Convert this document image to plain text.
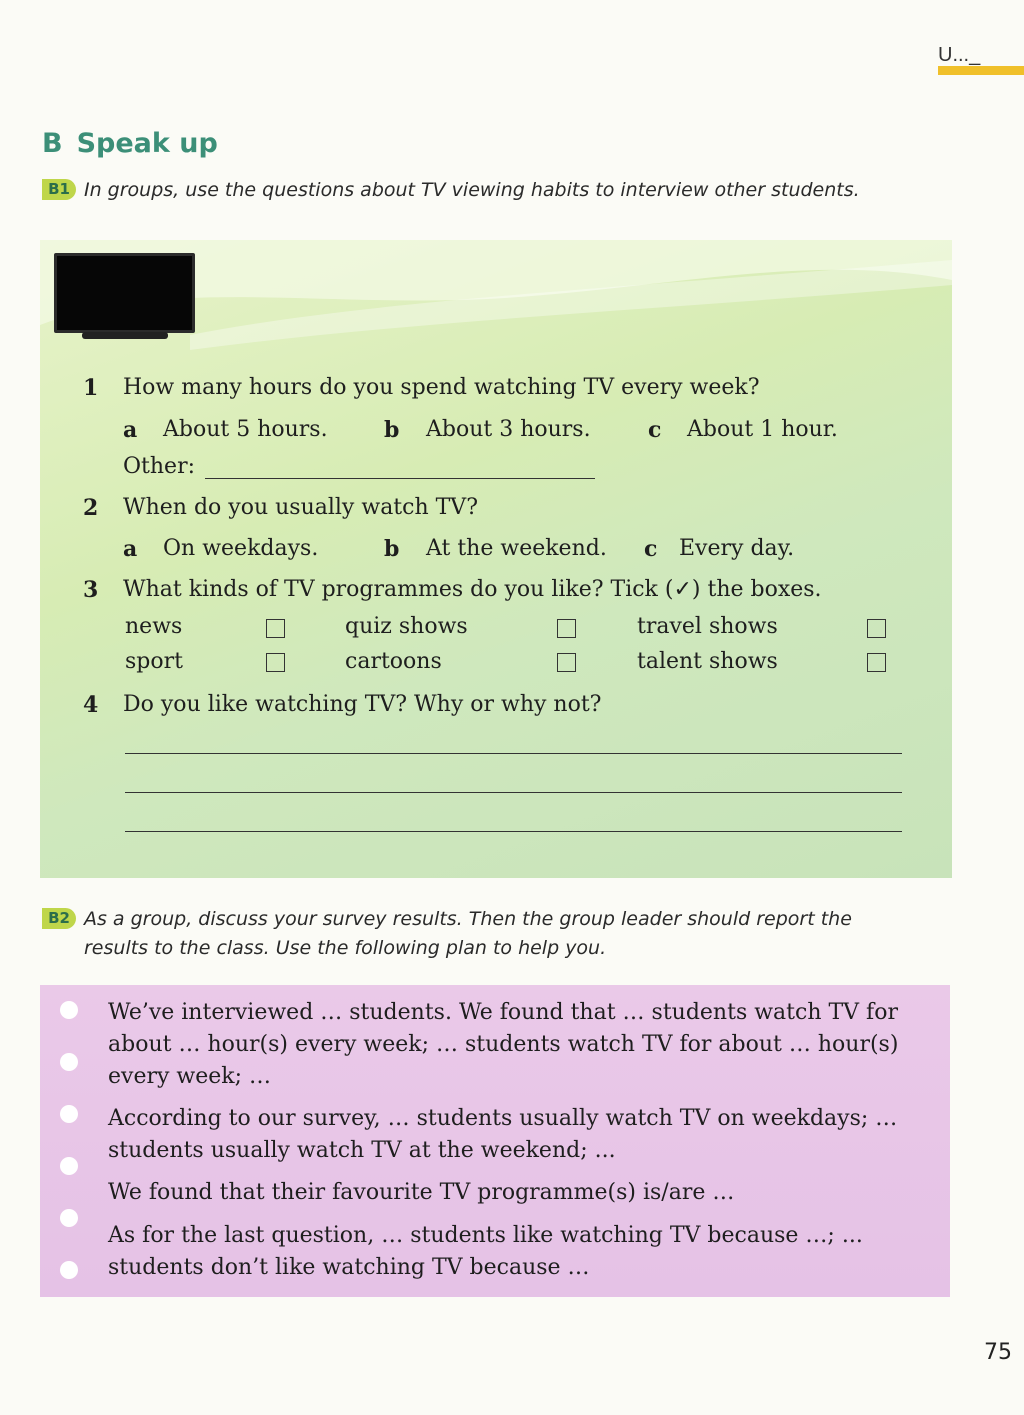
U..._
B Speak up
B1 In groups, use the questions about TV viewing habits to interview other students.
1 How many hours do you spend watching TV every week?
a About 5 hours.	b About 3 hours.	c About 1 hour.
Other:
2 When do you usually watch TV?
a On weekdays.	b At the weekend. c Every day.
3 What kinds of TV programmes do you like? Tick (✓) the boxes.
news	quiz shows	travel shows
sport	cartoons	talent shows
4 Do you like watching TV? Why or why not?
B2 As a group, discuss your survey results. Then the group leader should report the
results to the class. Use the following plan to help you.
We’ve interviewed … students. We found that … students watch TV for about … hour(s) every week; … students watch TV for about … hour(s) every week; …
According to our survey, … students usually watch TV on weekdays; … students usually watch TV at the weekend; ...
We found that their favourite TV programme(s) is/are …
As for the last question, … students like watching TV because …; ... students don’t like watching TV because …
75
